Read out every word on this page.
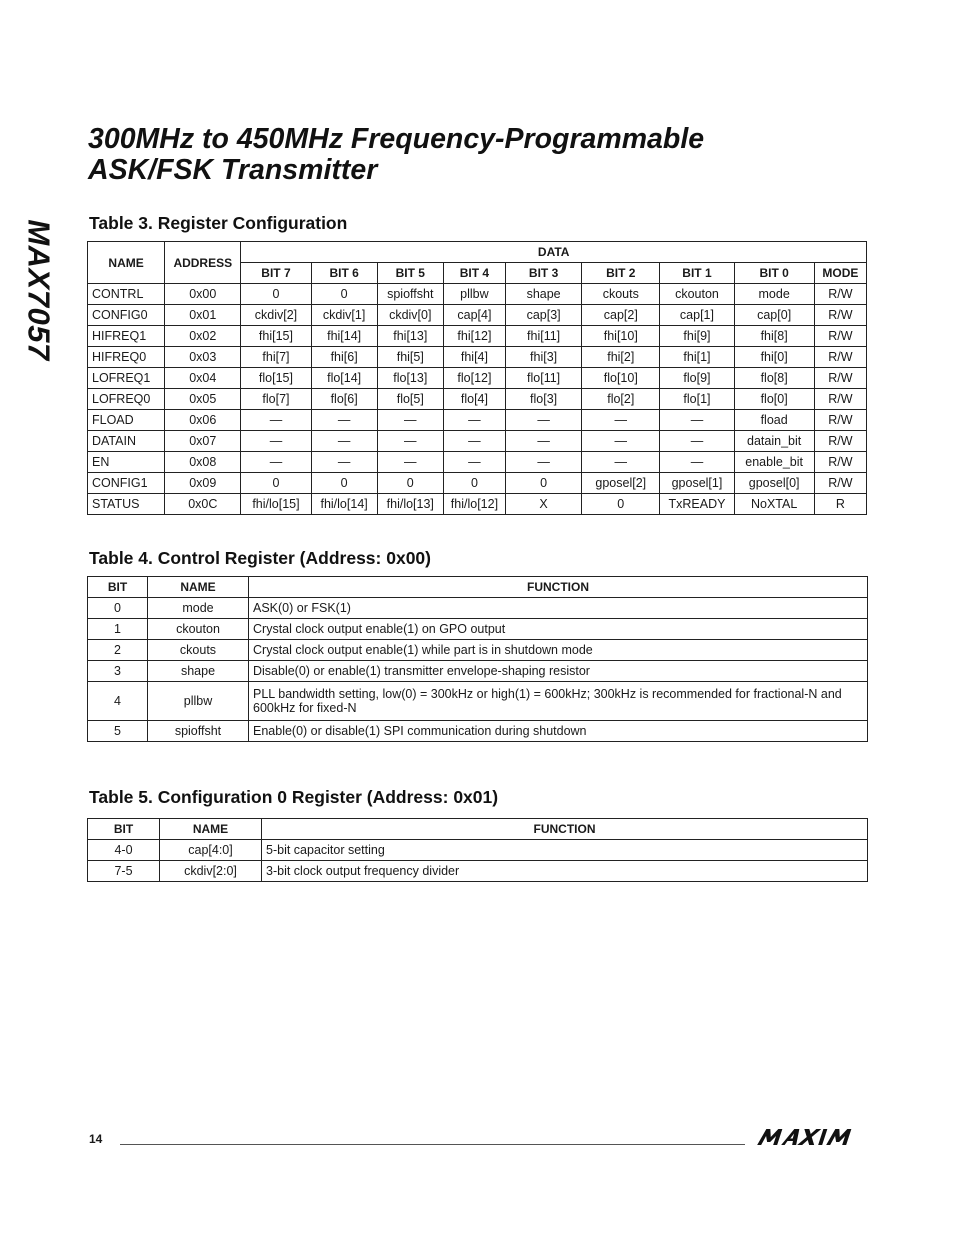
MAX7057
300MHz to 450MHz Frequency-Programmable
ASK/FSK Transmitter
Table 3. Register Configuration
NAME	ADDRESS	DATA								
		BIT 7	BIT 6	BIT 5	BIT 4	BIT 3	BIT 2	BIT 1	BIT 0	MODE
CONTRL	0x00	0	0	spioffsht	pllbw	shape	ckouts	ckouton	mode	R/W
CONFIG0	0x01	ckdiv[2]	ckdiv[1]	ckdiv[0]	cap[4]	cap[3]	cap[2]	cap[1]	cap[0]	R/W
HIFREQ1	0x02	fhi[15]	fhi[14]	fhi[13]	fhi[12]	fhi[11]	fhi[10]	fhi[9]	fhi[8]	R/W
HIFREQ0	0x03	fhi[7]	fhi[6]	fhi[5]	fhi[4]	fhi[3]	fhi[2]	fhi[1]	fhi[0]	R/W
LOFREQ1	0x04	flo[15]	flo[14]	flo[13]	flo[12]	flo[11]	flo[10]	flo[9]	flo[8]	R/W
LOFREQ0	0x05	flo[7]	flo[6]	flo[5]	flo[4]	flo[3]	flo[2]	flo[1]	flo[0]	R/W
FLOAD	0x06	—	—	—	—	—	—	—	fload	R/W
DATAIN	0x07	—	—	—	—	—	—	—	datain_bit	R/W
EN	0x08	—	—	—	—	—	—	—	enable_bit	R/W
CONFIG1	0x09	0	0	0	0	0	gposel[2]	gposel[1]	gposel[0]	R/W
STATUS	0x0C	fhi/lo[15]	fhi/lo[14]	fhi/lo[13]	fhi/lo[12]	X	0	TxREADY	NoXTAL	R
Table 4. Control Register (Address: 0x00)
BIT	NAME	FUNCTION
0	mode	ASK(0) or FSK(1)
1	ckouton	Crystal clock output enable(1) on GPO output
2	ckouts	Crystal clock output enable(1) while part is in shutdown mode
3	shape	Disable(0) or enable(1) transmitter envelope-shaping resistor
4	pllbw	PLL bandwidth setting, low(0) = 300kHz or high(1) = 600kHz; 300kHz is recommended for fractional-N and 600kHz for fixed-N
5	spioffsht	Enable(0) or disable(1) SPI communication during shutdown
Table 5. Configuration 0 Register (Address: 0x01)
BIT	NAME	FUNCTION
4-0	cap[4:0]	5-bit capacitor setting
7-5	ckdiv[2:0]	3-bit clock output frequency divider
14
